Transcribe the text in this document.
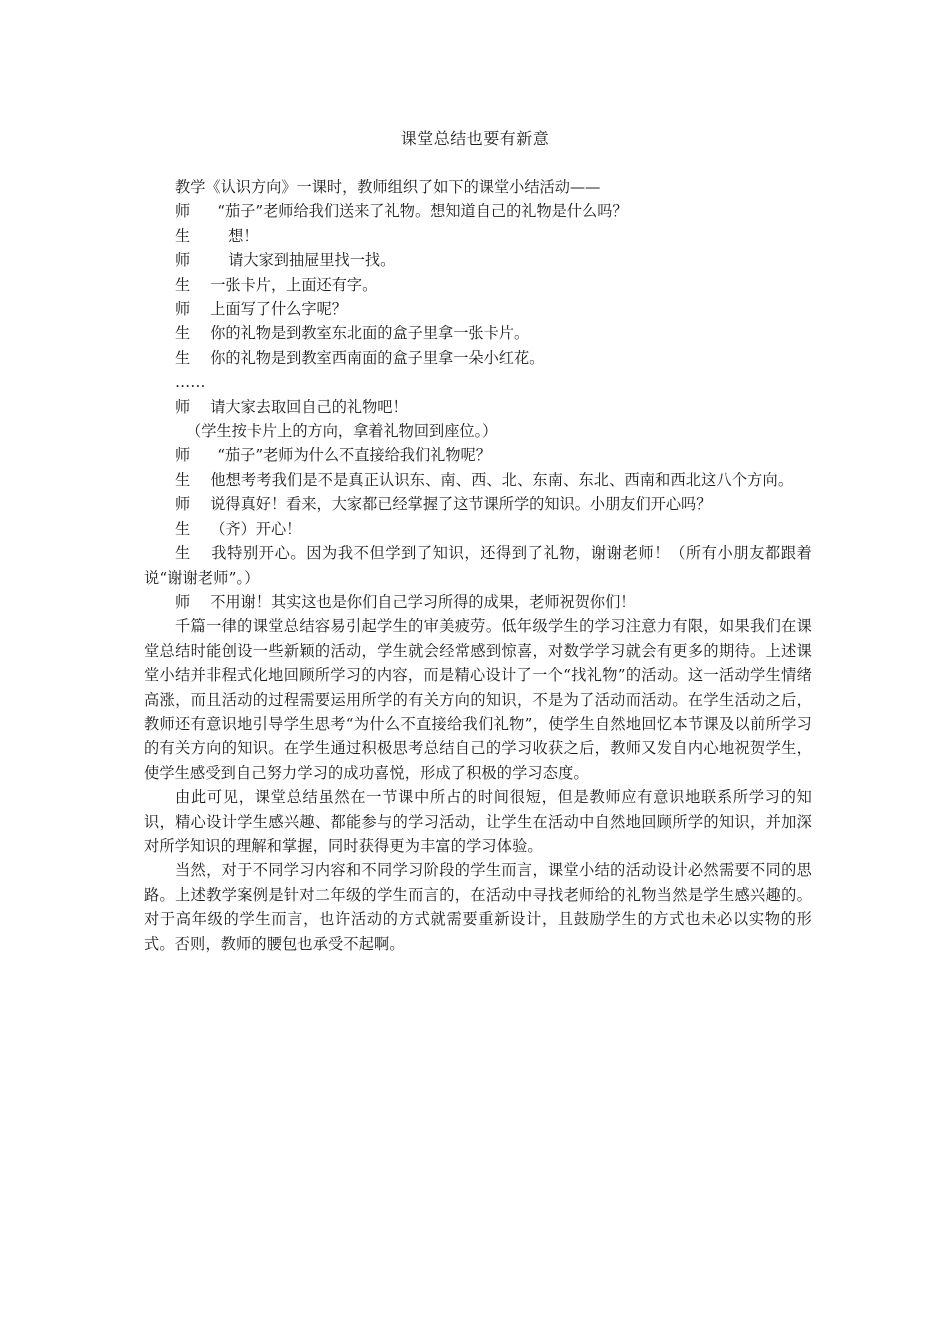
课堂总结也要有新意
教学《认识方向》一课时，教师组织了如下的课堂小结活动——
师 “茄子”老师给我们送来了礼物。想知道自己的礼物是什么吗？
生	想！
师	请大家到抽屉里找一找。
生 一张卡片，上面还有字。
师 上面写了什么字呢？
生 你的礼物是到教室东北面的盒子里拿一张卡片。
生 你的礼物是到教室西南面的盒子里拿一朵小红花。
……
师 请大家去取回自己的礼物吧！
（学生按卡片上的方向，拿着礼物回到座位。）
师 “茄子”老师为什么不直接给我们礼物呢？
生 他想考考我们是不是真正认识东、南、西、北、东南、东北、西南和西北这八个方向。
师 说得真好！看来，大家都已经掌握了这节课所学的知识。小朋友们开心吗？
生 （齐）开心！
生 我特别开心。因为我不但学到了知识，还得到了礼物，谢谢老师！（所有小朋友都跟着说“谢谢老师”。）
师 不用谢！其实这也是你们自己学习所得的成果，老师祝贺你们！
千篇一律的课堂总结容易引起学生的审美疲劳。低年级学生的学习注意力有限，如果我们在课堂总结时能创设一些新颖的活动，学生就会经常感到惊喜，对数学学习就会有更多的期待。上述课堂小结并非程式化地回顾所学习的内容，而是精心设计了一个“找礼物”的活动。这一活动学生情绪高涨，而且活动的过程需要运用所学的有关方向的知识，不是为了活动而活动。在学生活动之后，教师还有意识地引导学生思考“为什么不直接给我们礼物”，使学生自然地回忆本节课及以前所学习的有关方向的知识。在学生通过积极思考总结自己的学习收获之后，教师又发自内心地祝贺学生，使学生感受到自己努力学习的成功喜悦，形成了积极的学习态度。
由此可见，课堂总结虽然在一节课中所占的时间很短，但是教师应有意识地联系所学习的知识，精心设计学生感兴趣、都能参与的学习活动，让学生在活动中自然地回顾所学的知识，并加深对所学知识的理解和掌握，同时获得更为丰富的学习体验。
当然，对于不同学习内容和不同学习阶段的学生而言，课堂小结的活动设计必然需要不同的思路。上述教学案例是针对二年级的学生而言的，在活动中寻找老师给的礼物当然是学生感兴趣的。对于高年级的学生而言，也许活动的方式就需要重新设计，且鼓励学生的方式也未必以实物的形式。否则，教师的腰包也承受不起啊。
